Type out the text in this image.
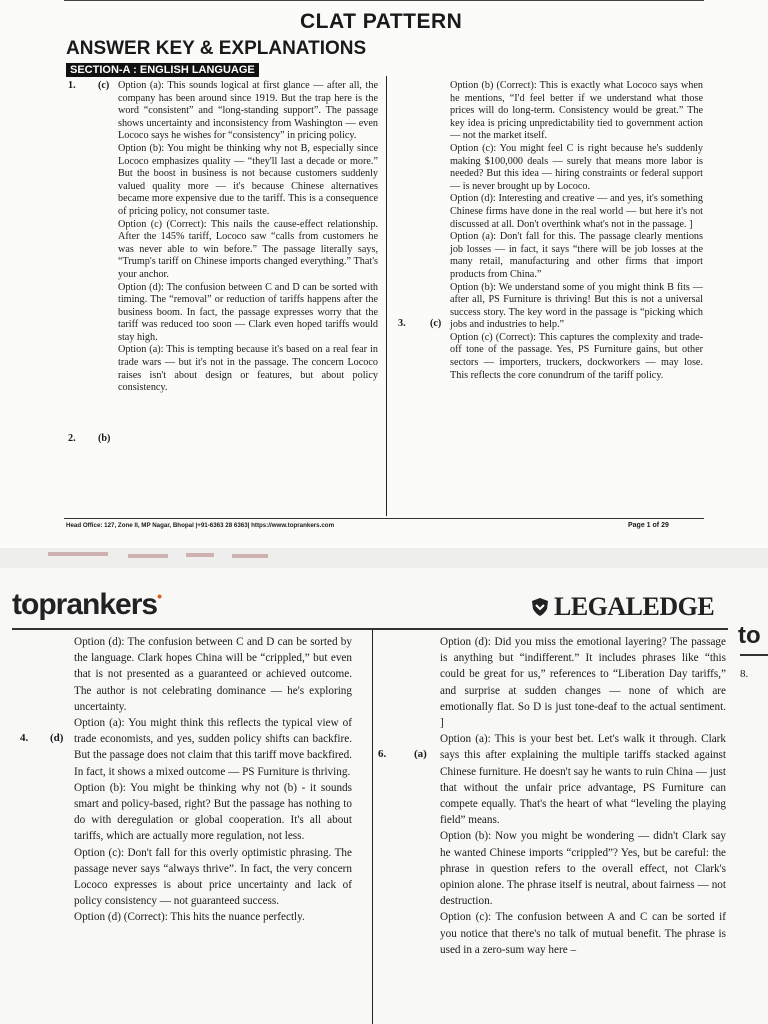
CLAT PATTERN
ANSWER KEY & EXPLANATIONS
SECTION-A : ENGLISH LANGUAGE
1. (c)
2. (b)

Option (a): This sounds logical at first glance — after all, the company has been around since 1919. But the trap here is the word “consistent” and “long-standing support”. The passage shows uncertainty and inconsistency from Washington — even Lococo says he wishes for “consistency” in pricing policy.

Option (b): You might be thinking why not B, especially since Lococo emphasizes quality — “they'll last a decade or more.” But the boost in business is not because customers suddenly valued quality more — it's because Chinese alternatives became more expensive due to the tariff. This is a consequence of pricing policy, not consumer taste.

Option (c) (Correct): This nails the cause-effect relationship. After the 145% tariff, Lococo saw “calls from customers he was never able to win before.” The passage literally says, “Trump's tariff on Chinese imports changed everything.” That's your anchor.

Option (d): The confusion between C and D can be sorted with timing. The “removal” or reduction of tariffs happens after the business boom. In fact, the passage expresses worry that the tariff was reduced too soon — Clark even hoped tariffs would stay high.

Option (a): This is tempting because it's based on a real fear in trade wars — but it's not in the passage. The concern Lococo raises isn't about design or features, but about policy consistency.

3. (c)

Option (b) (Correct): This is exactly what Lococo says when he mentions, “I'd feel better if we understand what those prices will do long-term. Consistency would be great.” The key idea is pricing unpredictability tied to government action — not the market itself.

Option (c): You might feel C is right because he's suddenly making $100,000 deals — surely that means more labor is needed? But this idea — hiring constraints or federal support — is never brought up by Lococo.

Option (d): Interesting and creative — and yes, it's something Chinese firms have done in the real world — but here it's not discussed at all. Don't overthink what's not in the passage. ]

Option (a): Don't fall for this. The passage clearly mentions job losses — in fact, it says “there will be job losses at the many retail, manufacturing and other firms that import products from China.”

Option (b): We understand some of you might think B fits — after all, PS Furniture is thriving! But this is not a universal success story. The key word in the passage is “picking which jobs and industries to help.”

Option (c) (Correct): This captures the complexity and trade-off tone of the passage. Yes, PS Furniture gains, but other sectors — importers, truckers, dockworkers — may lose. This reflects the core conundrum of the tariff policy.

Head Office: 127, Zone II, MP Nagar, Bhopal |+91-6363 28 6363| https://www.toprankers.com	Page 1 of 29
toprankers•	LEGALEDGE
to
8.
4. (d)

Option (d): The confusion between C and D can be sorted by the language. Clark hopes China will be “crippled,” but even that is not presented as a guaranteed or achieved outcome. The author is not celebrating dominance — he's exploring uncertainty.

Option (a): You might think this reflects the typical view of trade economists, and yes, sudden policy shifts can backfire. But the passage does not claim that this tariff move backfired. In fact, it shows a mixed outcome — PS Furniture is thriving.

Option (b): You might be thinking why not (b) - it sounds smart and policy-based, right? But the passage has nothing to do with deregulation or global cooperation. It's all about tariffs, which are actually more regulation, not less.

Option (c): Don't fall for this overly optimistic phrasing. The passage never says “always thrive”. In fact, the very concern Lococo expresses is about price uncertainty and lack of policy consistency — not guaranteed success.

Option (d) (Correct): This hits the nuance perfectly.

6.	(a)

Option (d): Did you miss the emotional layering? The passage is anything but “indifferent.” It includes phrases like “this could be great for us,” references to “Liberation Day tariffs,” and surprise at sudden changes — none of which are emotionally flat. So D is just tone-deaf to the actual sentiment. ]

Option (a): This is your best bet. Let's walk it through. Clark says this after explaining the multiple tariffs stacked against Chinese furniture. He doesn't say he wants to ruin China — just that without the unfair price advantage, PS Furniture can compete equally. That's the heart of what “leveling the playing field” means.

Option (b): Now you might be wondering — didn't Clark say he wanted Chinese imports “crippled”? Yes, but be careful: the phrase in question refers to the overall effect, not Clark's opinion alone. The phrase itself is neutral, about fairness — not destruction.

Option (c): The confusion between A and C can be sorted if you notice that there's no talk of mutual benefit. The phrase is used in a zero-sum way here –
